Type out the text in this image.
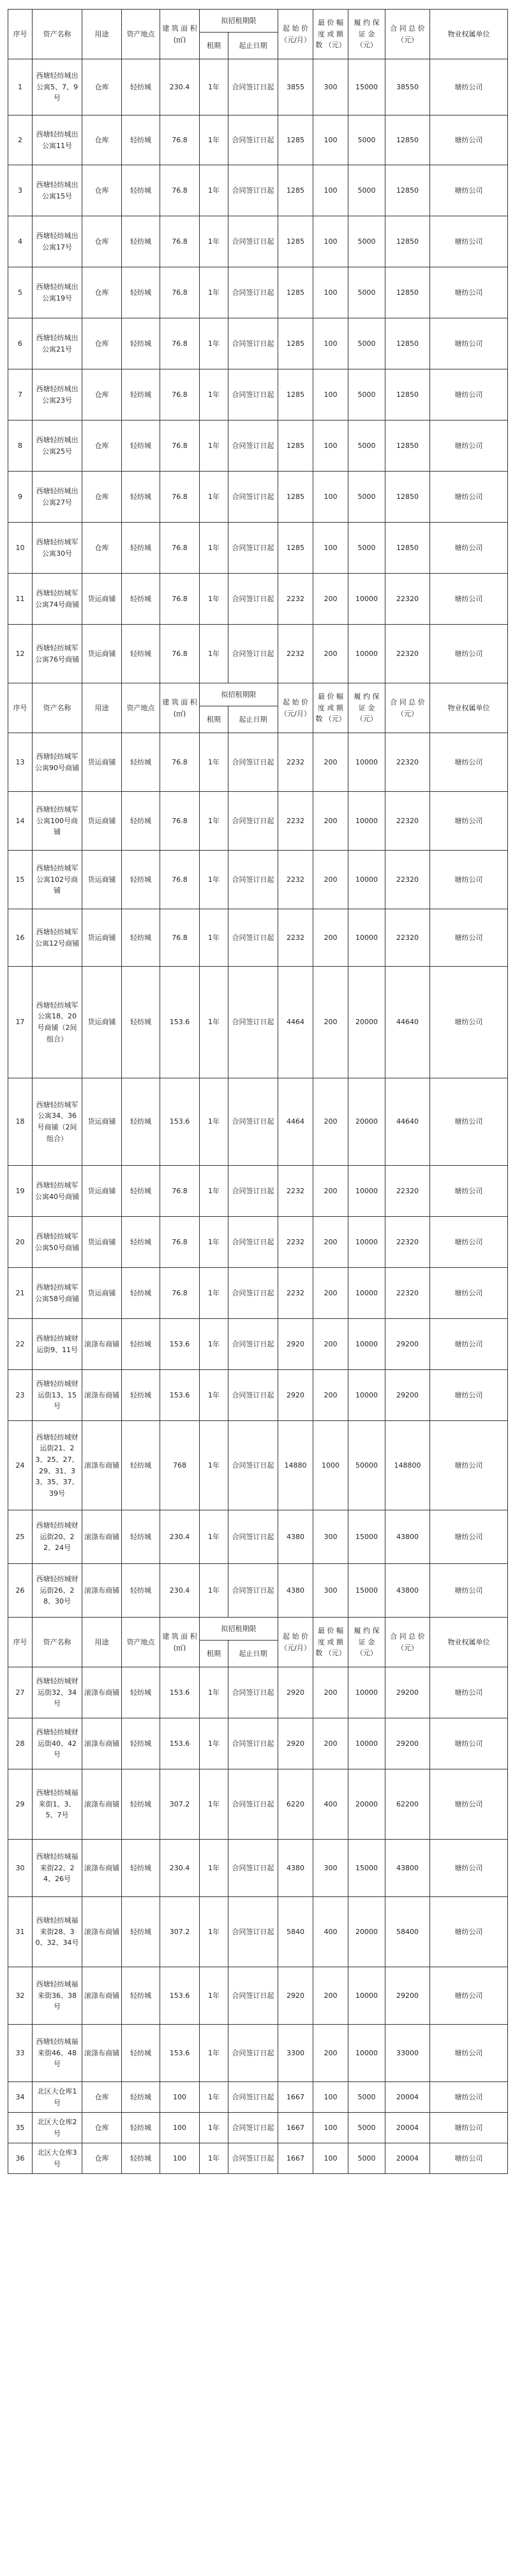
序号	资产名称	用途	资产地点	建 筑 面 积 (㎡)	拟招租期限		起 始 价 （元/月）	最 价 幅 度 或 额 数 （元）	履 约 保 证 金 （元）	合 同 总 价 （元）	物业权属单位
					租期	起止日期					
1	西塘轻纺城出公寓5、7、9号	仓库	轻纺城	230.4	1年	合同签订日起	3855	300	15000	38550	塘纺公司
2	西塘轻纺城出公寓11号	仓库	轻纺城	76.8	1年	合同签订日起	1285	100	5000	12850	塘纺公司
3	西塘轻纺城出公寓15号	仓库	轻纺城	76.8	1年	合同签订日起	1285	100	5000	12850	塘纺公司
4	西塘轻纺城出公寓17号	仓库	轻纺城	76.8	1年	合同签订日起	1285	100	5000	12850	塘纺公司
5	西塘轻纺城出公寓19号	仓库	轻纺城	76.8	1年	合同签订日起	1285	100	5000	12850	塘纺公司
6	西塘轻纺城出公寓21号	仓库	轻纺城	76.8	1年	合同签订日起	1285	100	5000	12850	塘纺公司
7	西塘轻纺城出公寓23号	仓库	轻纺城	76.8	1年	合同签订日起	1285	100	5000	12850	塘纺公司
8	西塘轻纺城出公寓25号	仓库	轻纺城	76.8	1年	合同签订日起	1285	100	5000	12850	塘纺公司
9	西塘轻纺城出公寓27号	仓库	轻纺城	76.8	1年	合同签订日起	1285	100	5000	12850	塘纺公司
10	西塘轻纺城军公寓30号	仓库	轻纺城	76.8	1年	合同签订日起	1285	100	5000	12850	塘纺公司
11	西塘轻纺城军公寓74号商铺	货运商铺	轻纺城	76.8	1年	合同签订日起	2232	200	10000	22320	塘纺公司
12	西塘轻纺城军公寓76号商铺	货运商铺	轻纺城	76.8	1年	合同签订日起	2232	200	10000	22320	塘纺公司
序号	资产名称	用途	资产地点	建 筑 面 积 (㎡)	拟招租期限		起 始 价 （元/月）	最 价 幅 度 或 额 数 （元）	履 约 保 证 金 （元）	合 同 总 价 （元）	物业权属单位
					租期	起止日期					
13	西塘轻纺城军公寓90号商铺	货运商铺	轻纺城	76.8	1年	合同签订日起	2232	200	10000	22320	塘纺公司
14	西塘轻纺城军公寓100号商铺	货运商铺	轻纺城	76.8	1年	合同签订日起	2232	200	10000	22320	塘纺公司
15	西塘轻纺城军公寓102号商铺	货运商铺	轻纺城	76.8	1年	合同签订日起	2232	200	10000	22320	塘纺公司
16	西塘轻纺城军公寓12号商铺	货运商铺	轻纺城	76.8	1年	合同签订日起	2232	200	10000	22320	塘纺公司
17	西塘轻纺城军公寓18、20号商铺（2间组合）	货运商铺	轻纺城	153.6	1年	合同签订日起	4464	200	20000	44640	塘纺公司
18	西塘轻纺城军公寓34、36号商铺（2间组合）	货运商铺	轻纺城	153.6	1年	合同签订日起	4464	200	20000	44640	塘纺公司
19	西塘轻纺城军公寓40号商铺	货运商铺	轻纺城	76.8	1年	合同签订日起	2232	200	10000	22320	塘纺公司
20	西塘轻纺城军公寓50号商铺	货运商铺	轻纺城	76.8	1年	合同签订日起	2232	200	10000	22320	塘纺公司
21	西塘轻纺城军公寓58号商铺	货运商铺	轻纺城	76.8	1年	合同签订日起	2232	200	10000	22320	塘纺公司
22	西塘轻纺城财运街9、11号	滚涤布商铺	轻纺城	153.6	1年	合同签订日起	2920	200	10000	29200	塘纺公司
23	西塘轻纺城财运街13、15号	滚涤布商铺	轻纺城	153.6	1年	合同签订日起	2920	200	10000	29200	塘纺公司
24	西塘轻纺城财运街21、23、25、27、29、31、33、35、37、39号	滚涤布商铺	轻纺城	768	1年	合同签订日起	14880	1000	50000	148800	塘纺公司
25	西塘轻纺城财运街20、22、24号	滚涤布商铺	轻纺城	230.4	1年	合同签订日起	4380	300	15000	43800	塘纺公司
26	西塘轻纺城财运街26、28、30号	滚涤布商铺	轻纺城	230.4	1年	合同签订日起	4380	300	15000	43800	塘纺公司
序号	资产名称	用途	资产地点	建 筑 面 积 (㎡)	拟招租期限		起 始 价 （元/月）	最 价 幅 度 或 额 数 （元）	履 约 保 证 金 （元）	合 同 总 价 （元）	物业权属单位
					租期	起止日期					
27	西塘轻纺城财运街32、34号	滚涤布商铺	轻纺城	153.6	1年	合同签订日起	2920	200	10000	29200	塘纺公司
28	西塘轻纺城财运街40、42号	滚涤布商铺	轻纺城	153.6	1年	合同签订日起	2920	200	10000	29200	塘纺公司
29	西塘轻纺城福来街1、3、5、7号	滚涤布商铺	轻纺城	307.2	1年	合同签订日起	6220	400	20000	62200	塘纺公司
30	西塘轻纺城福来街22、24、26号	滚涤布商铺	轻纺城	230.4	1年	合同签订日起	4380	300	15000	43800	塘纺公司
31	西塘轻纺城福来街28、30、32、34号	滚涤布商铺	轻纺城	307.2	1年	合同签订日起	5840	400	20000	58400	塘纺公司
32	西塘轻纺城福来街36、38号	滚涤布商铺	轻纺城	153.6	1年	合同签订日起	2920	200	10000	29200	塘纺公司
33	西塘轻纺城福来街46、48号	滚涤布商铺	轻纺城	153.6	1年	合同签订日起	3300	200	10000	33000	塘纺公司
34	北区大仓库1号	仓库	轻纺城	100	1年	合同签订日起	1667	100	5000	20004	塘纺公司
35	北区大仓库2号	仓库	轻纺城	100	1年	合同签订日起	1667	100	5000	20004	塘纺公司
36	北区大仓库3号	仓库	轻纺城	100	1年	合同签订日起	1667	100	5000	20004	塘纺公司
